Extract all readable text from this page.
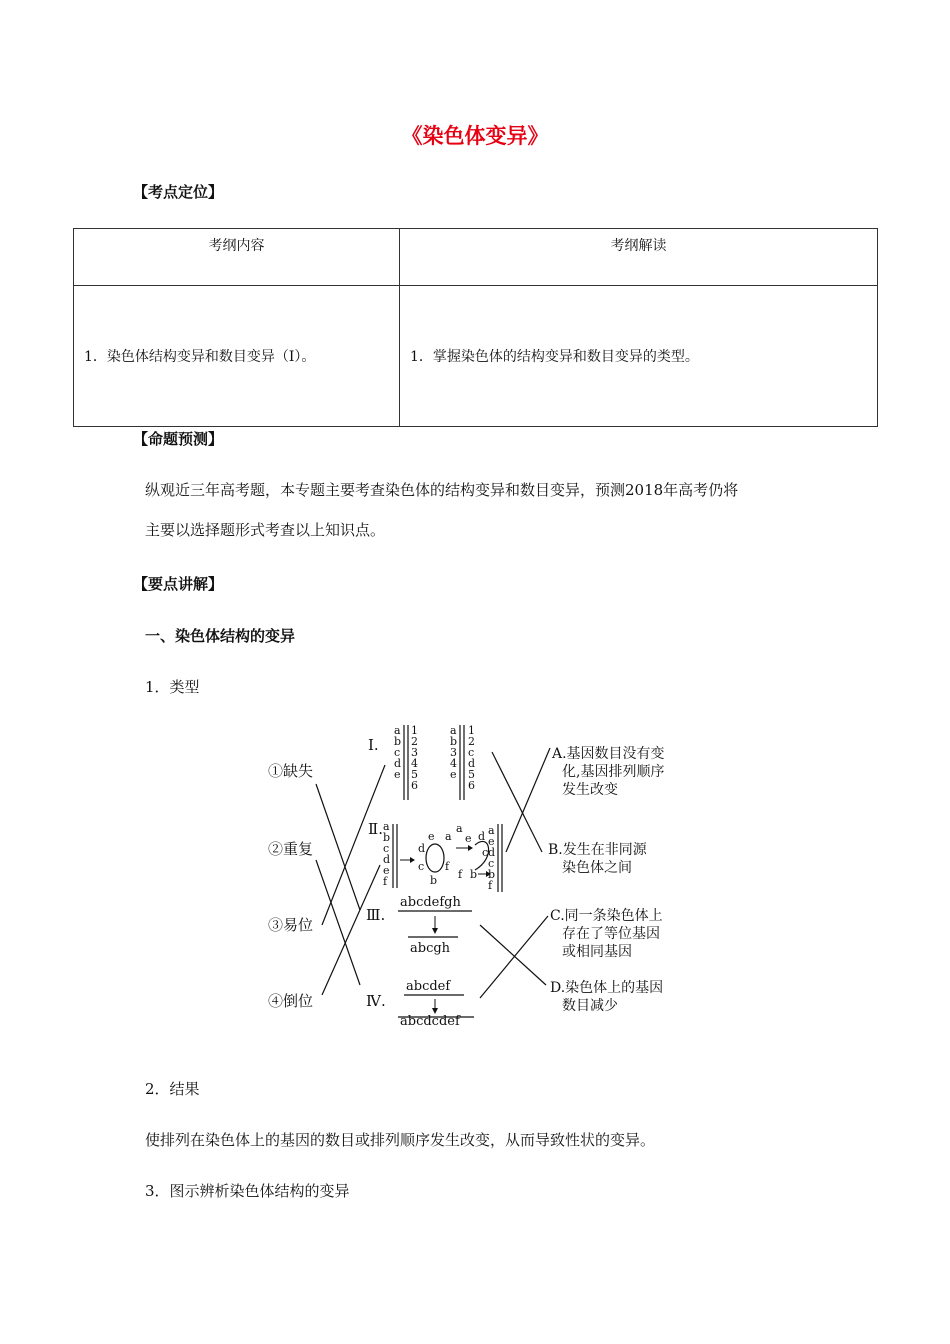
《染色体变异》
【考点定位】
考纲内容	考纲解读
1．染色体结构变异和数目变异（Ⅰ）。	1．掌握染色体的结构变异和数目变异的类型。
【命题预测】
纵观近三年高考题，本专题主要考查染色体的结构变异和数目变异，预测2018年高考仍将
主要以选择题形式考查以上知识点。
【要点讲解】
一、染色体结构的变异
1．类型
①缺失
②重复
③易位
④倒位
Ⅰ.
Ⅱ.
Ⅲ.
Ⅳ.
a
b
c
d
e
1
2
3
4
5
6
a
b
3
4
e
1
2
c
d
5
6
a
b
c
d
e
f
d
e
c
b
f
a
a
e d
c
f b
a
e
d
c
b
f
abcdefgh
abcgh
abcdef
abcdcdef
A.基因数目没有变
化,基因排列顺序
发生改变
B.发生在非同源
染色体之间
C.同一条染色体上
存在了等位基因
或相同基因
D.染色体上的基因
数目减少
2．结果
使排列在染色体上的基因的数目或排列顺序发生改变，从而导致性状的变异。
3．图示辨析染色体结构的变异
